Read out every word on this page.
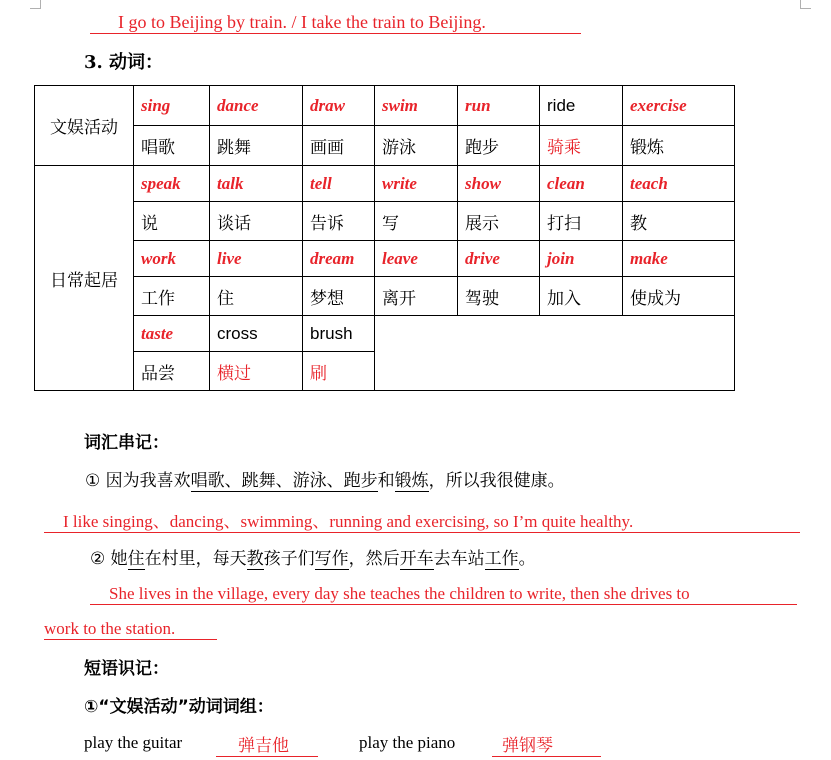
I go to Beijing by train. / I take the train to Beijing.
3. 动词：
文娱活动	sing	dance	draw	swim	run	ride	exercise
	唱歌	跳舞	画画	游泳	跑步	骑乘	锻炼
日常起居	speak	talk	tell	write	show	clean	teach
	说	谈话	告诉	写	展示	打扫	教
	work	live	dream	leave	drive	join	make
	工作	住	梦想	离开	驾驶	加入	使成为
	taste	cross	brush				
	品尝	横过	刷				
词汇串记：
① 因为我喜欢唱歌、跳舞、游泳、跑步和锻炼，所以我很健康。
I like singing、dancing、swimming、running and exercising, so I’m quite healthy.
② 她住在村里，每天教孩子们写作，然后开车去车站工作。
She lives in the village, every day she teaches the children to write, then she drives to
work to the station.
短语识记：
①“文娱活动”动词词组：
play the guitar	弹吉他	play the piano	弹钢琴
